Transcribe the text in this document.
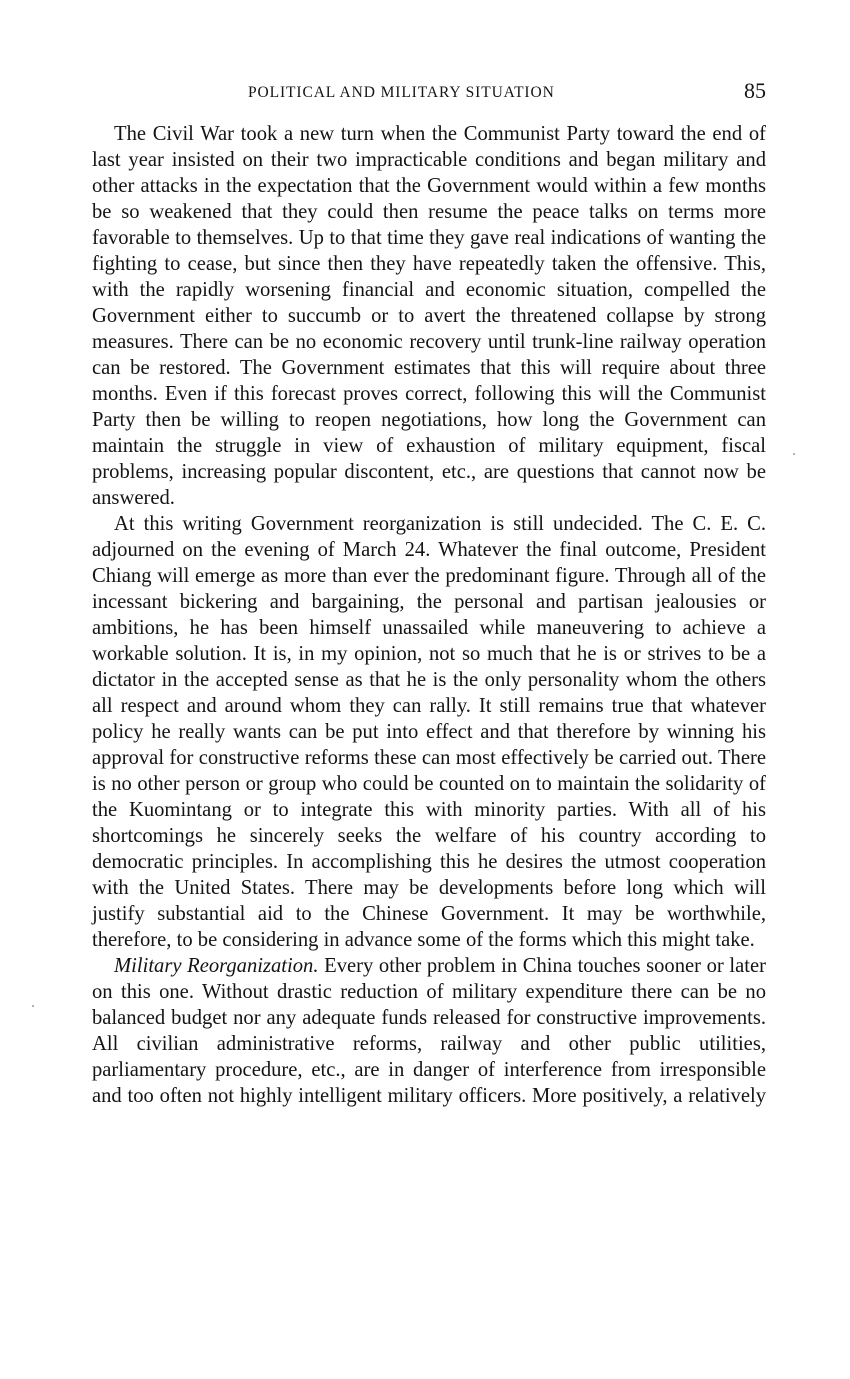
POLITICAL AND MILITARY SITUATION	85

The Civil War took a new turn when the Communist Party toward the end of last year insisted on their two impracticable conditions and began military and other attacks in the expectation that the Government would within a few months be so weakened that they could then resume the peace talks on terms more favorable to themselves. Up to that time they gave real indications of wanting the fighting to cease, but since then they have repeatedly taken the offensive. This, with the rapidly worsening financial and economic situation, compelled the Government either to succumb or to avert the threatened collapse by strong measures. There can be no economic recovery until trunk-line railway operation can be restored. The Government estimates that this will require about three months. Even if this forecast proves correct, following this will the Communist Party then be willing to reopen negotiations, how long the Government can maintain the struggle in view of exhaustion of military equipment, fiscal problems, increasing popular discontent, etc., are questions that cannot now be answered.

At this writing Government reorganization is still undecided. The C. E. C. adjourned on the evening of March 24. Whatever the final outcome, President Chiang will emerge as more than ever the predominant figure. Through all of the incessant bickering and bargaining, the personal and partisan jealousies or ambitions, he has been himself unassailed while maneuvering to achieve a workable solution. It is, in my opinion, not so much that he is or strives to be a dictator in the accepted sense as that he is the only personality whom the others all respect and around whom they can rally. It still remains true that whatever policy he really wants can be put into effect and that therefore by winning his approval for constructive reforms these can most effectively be carried out. There is no other person or group who could be counted on to maintain the solidarity of the Kuomintang or to integrate this with minority parties. With all of his shortcomings he sincerely seeks the welfare of his country according to democratic principles. In accomplishing this he desires the utmost cooperation with the United States. There may be developments before long which will justify substantial aid to the Chinese Government. It may be worthwhile, therefore, to be considering in advance some of the forms which this might take.

Military Reorganization. Every other problem in China touches sooner or later on this one. Without drastic reduction of military expenditure there can be no balanced budget nor any adequate funds released for constructive improvements. All civilian administrative reforms, railway and other public utilities, parliamentary procedure, etc., are in danger of interference from irresponsible and too often not highly intelligent military officers. More positively, a relatively
